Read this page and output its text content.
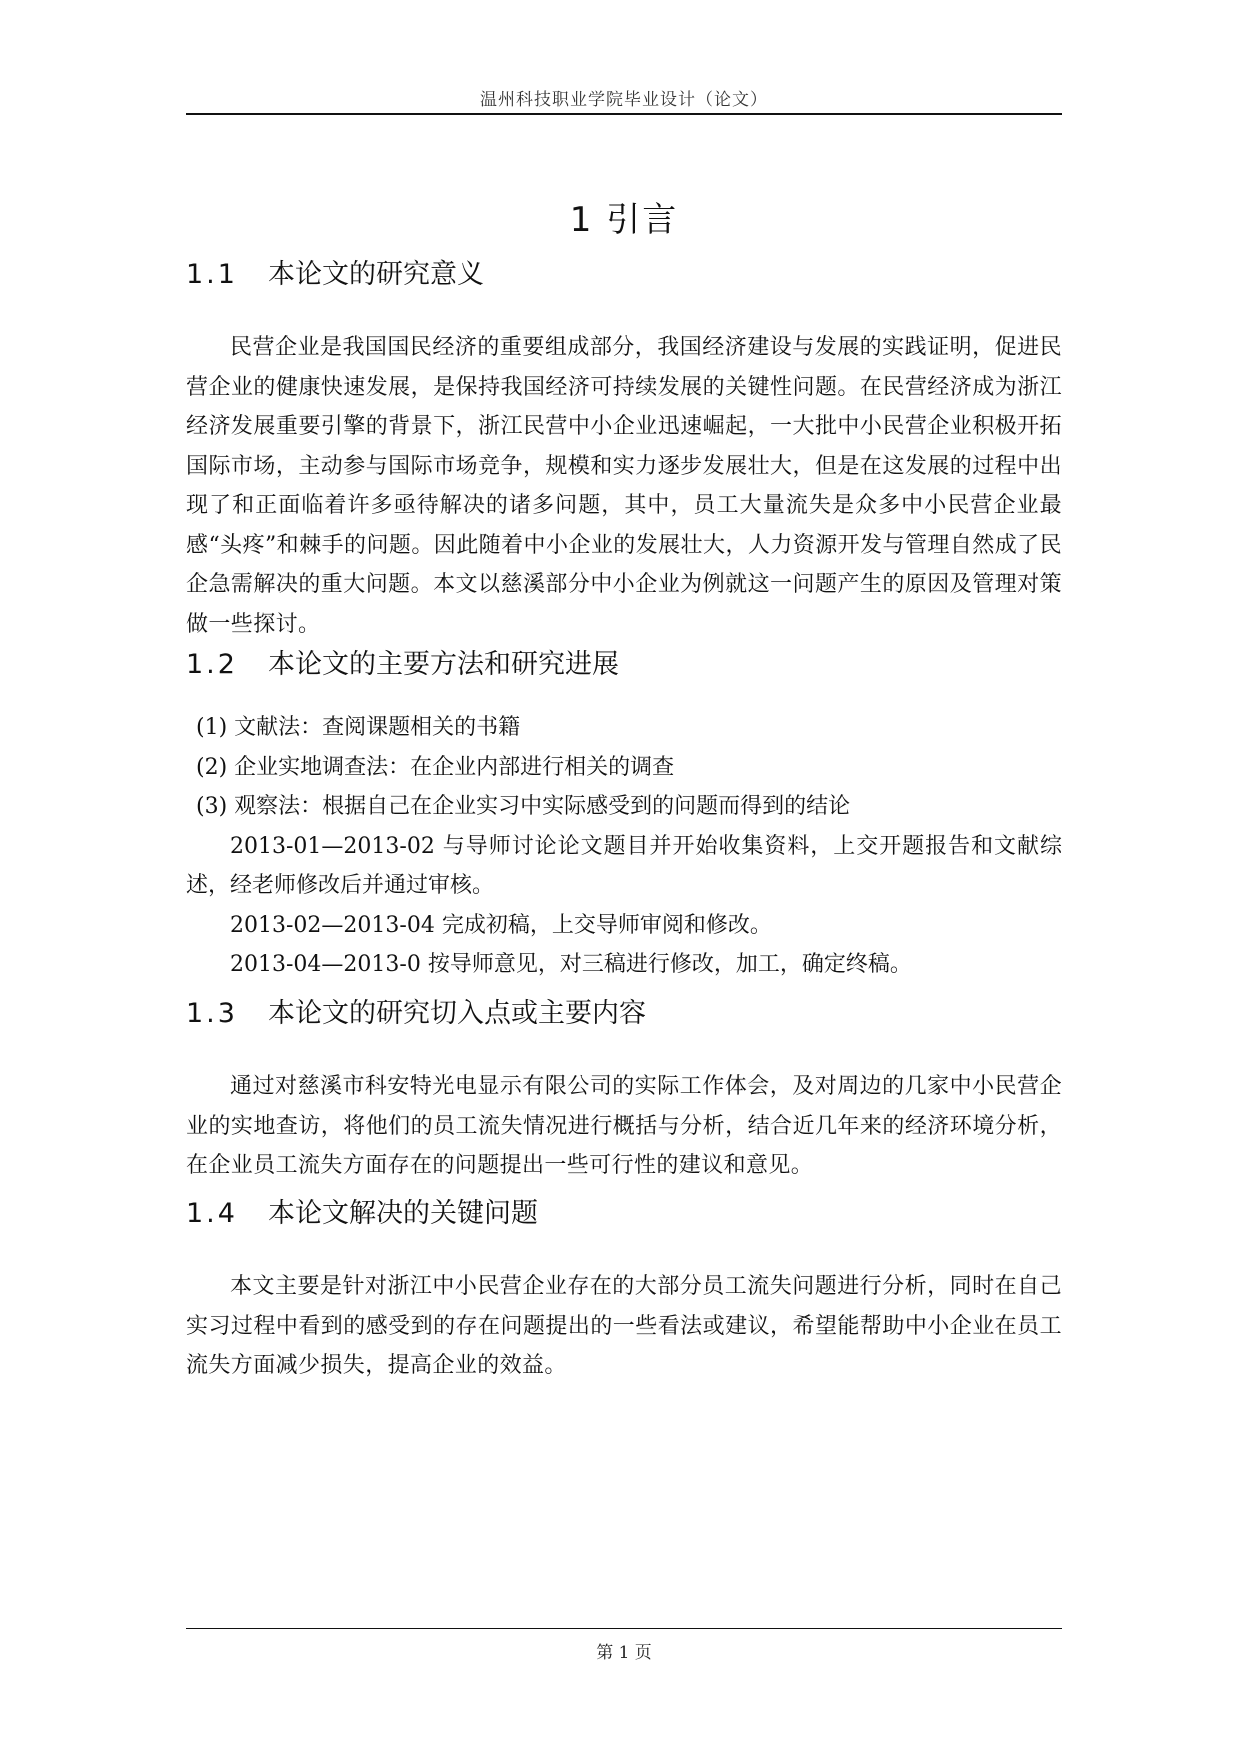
温州科技职业学院毕业设计（论文）
1 引言
1.1 本论文的研究意义
民营企业是我国国民经济的重要组成部分，我国经济建设与发展的实践证明，促进民营企业的健康快速发展，是保持我国经济可持续发展的关键性问题。在民营经济成为浙江经济发展重要引擎的背景下，浙江民营中小企业迅速崛起，一大批中小民营企业积极开拓国际市场，主动参与国际市场竞争，规模和实力逐步发展壮大，但是在这发展的过程中出现了和正面临着许多亟待解决的诸多问题，其中，员工大量流失是众多中小民营企业最感“头疼”和棘手的问题。因此随着中小企业的发展壮大，人力资源开发与管理自然成了民企急需解决的重大问题。本文以慈溪部分中小企业为例就这一问题产生的原因及管理对策做一些探讨。
1.2 本论文的主要方法和研究进展
(1) 文献法：查阅课题相关的书籍
(2) 企业实地调查法：在企业内部进行相关的调查
(3) 观察法：根据自己在企业实习中实际感受到的问题而得到的结论
2013-01—2013-02 与导师讨论论文题目并开始收集资料，上交开题报告和文献综述，经老师修改后并通过审核。
2013-02—2013-04 完成初稿，上交导师审阅和修改。
2013-04—2013-0 按导师意见，对三稿进行修改，加工，确定终稿。
1.3 本论文的研究切入点或主要内容
通过对慈溪市科安特光电显示有限公司的实际工作体会，及对周边的几家中小民营企业的实地查访，将他们的员工流失情况进行概括与分析，结合近几年来的经济环境分析，在企业员工流失方面存在的问题提出一些可行性的建议和意见。
1.4 本论文解决的关键问题
本文主要是针对浙江中小民营企业存在的大部分员工流失问题进行分析，同时在自己实习过程中看到的感受到的存在问题提出的一些看法或建议，希望能帮助中小企业在员工流失方面减少损失，提高企业的效益。
第 1 页
